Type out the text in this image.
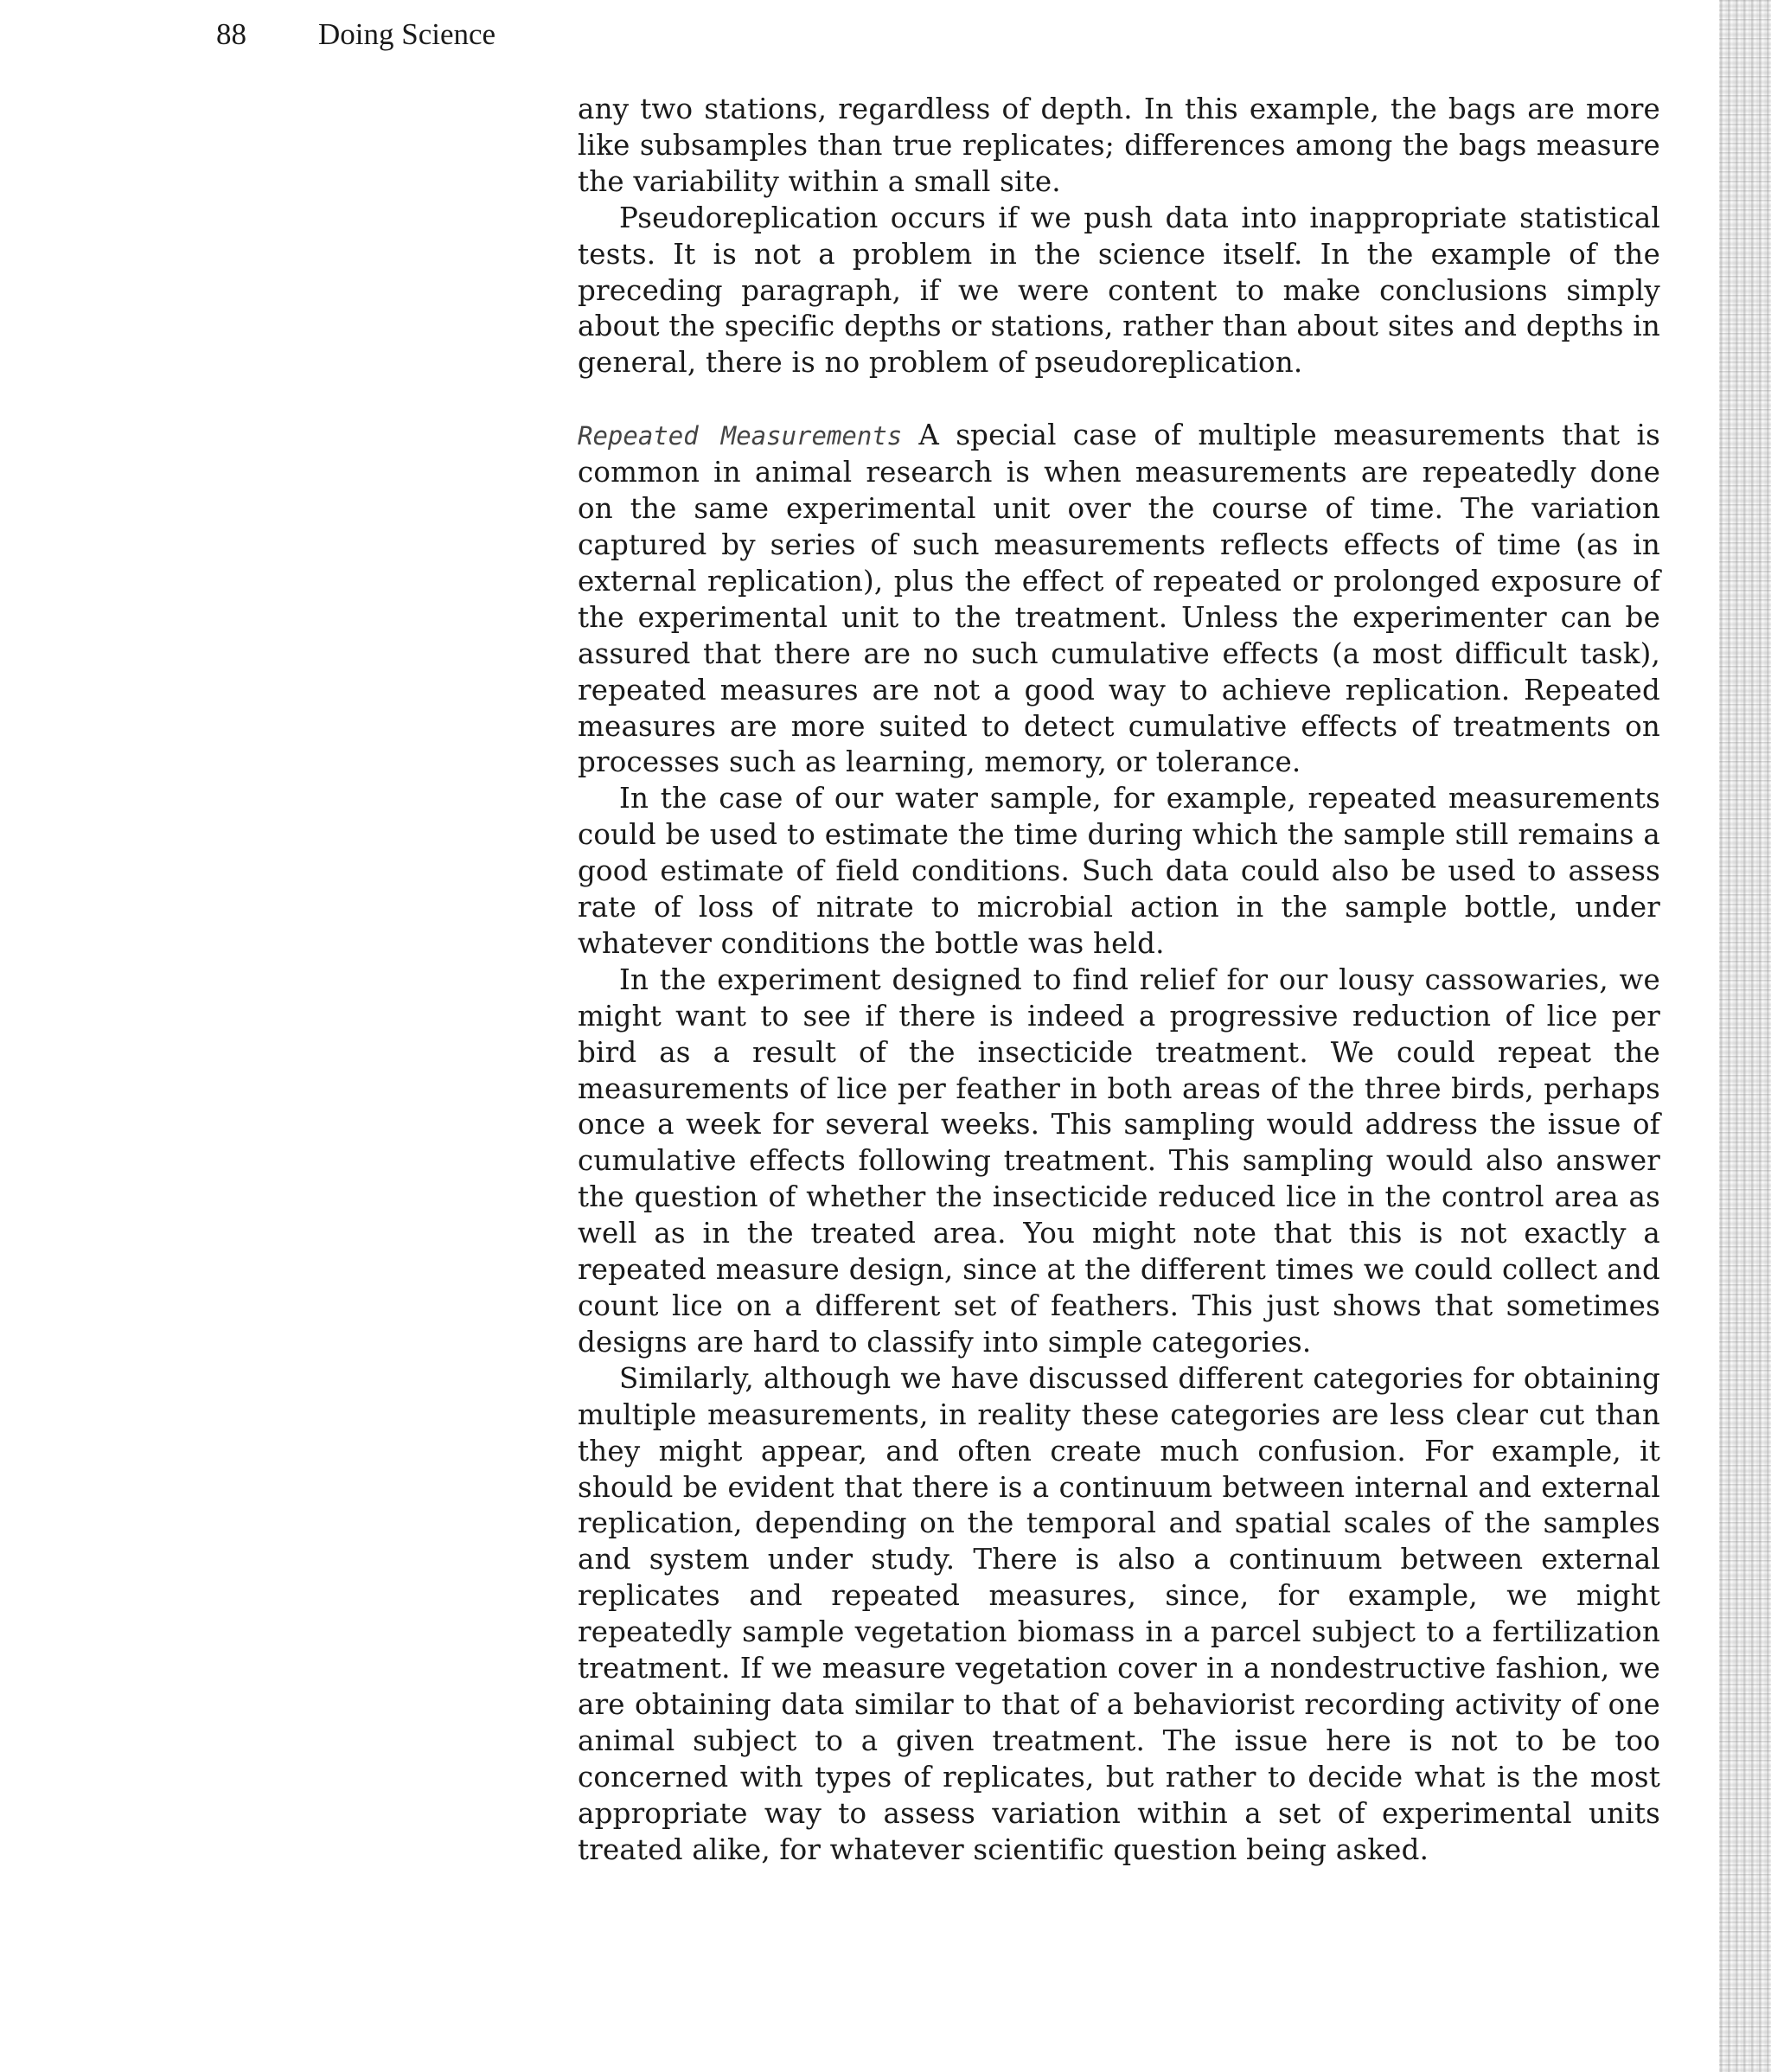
88 Doing Science

any two stations, regardless of depth. In this example, the bags are more like subsamples than true replicates; differences among the bags measure the variability within a small site.

Pseudoreplication occurs if we push data into inappropriate statistical tests. It is not a problem in the science itself. In the example of the preceding paragraph, if we were content to make conclusions simply about the specific depths or stations, rather than about sites and depths in general, there is no problem of pseudoreplication.

Repeated Measurements A special case of multiple measurements that is common in animal research is when measurements are repeatedly done on the same experimental unit over the course of time. The variation captured by series of such measurements reflects effects of time (as in external replication), plus the effect of repeated or prolonged exposure of the experimental unit to the treatment. Unless the experimenter can be assured that there are no such cumulative effects (a most difficult task), repeated measures are not a good way to achieve replication. Repeated measures are more suited to detect cumulative effects of treatments on processes such as learning, memory, or tolerance.

In the case of our water sample, for example, repeated measurements could be used to estimate the time during which the sample still remains a good estimate of field conditions. Such data could also be used to assess rate of loss of nitrate to microbial action in the sample bottle, under whatever conditions the bottle was held.

In the experiment designed to find relief for our lousy cassowaries, we might want to see if there is indeed a progressive reduction of lice per bird as a result of the insecticide treatment. We could repeat the measurements of lice per feather in both areas of the three birds, perhaps once a week for several weeks. This sampling would address the issue of cumulative effects following treatment. This sampling would also answer the question of whether the insecticide reduced lice in the control area as well as in the treated area. You might note that this is not exactly a repeated measure design, since at the different times we could collect and count lice on a different set of feathers. This just shows that sometimes designs are hard to classify into simple categories.

Similarly, although we have discussed different categories for obtaining multiple measurements, in reality these categories are less clear cut than they might appear, and often create much confusion. For example, it should be evident that there is a continuum between internal and external replication, depending on the temporal and spatial scales of the samples and system under study. There is also a continuum between external replicates and repeated measures, since, for example, we might repeatedly sample vegetation biomass in a parcel subject to a fertilization treatment. If we measure vegetation cover in a nondestructive fashion, we are obtaining data similar to that of a behaviorist recording activity of one animal subject to a given treatment. The issue here is not to be too concerned with types of replicates, but rather to decide what is the most appropriate way to assess variation within a set of experimental units treated alike, for whatever scientific question being asked.
